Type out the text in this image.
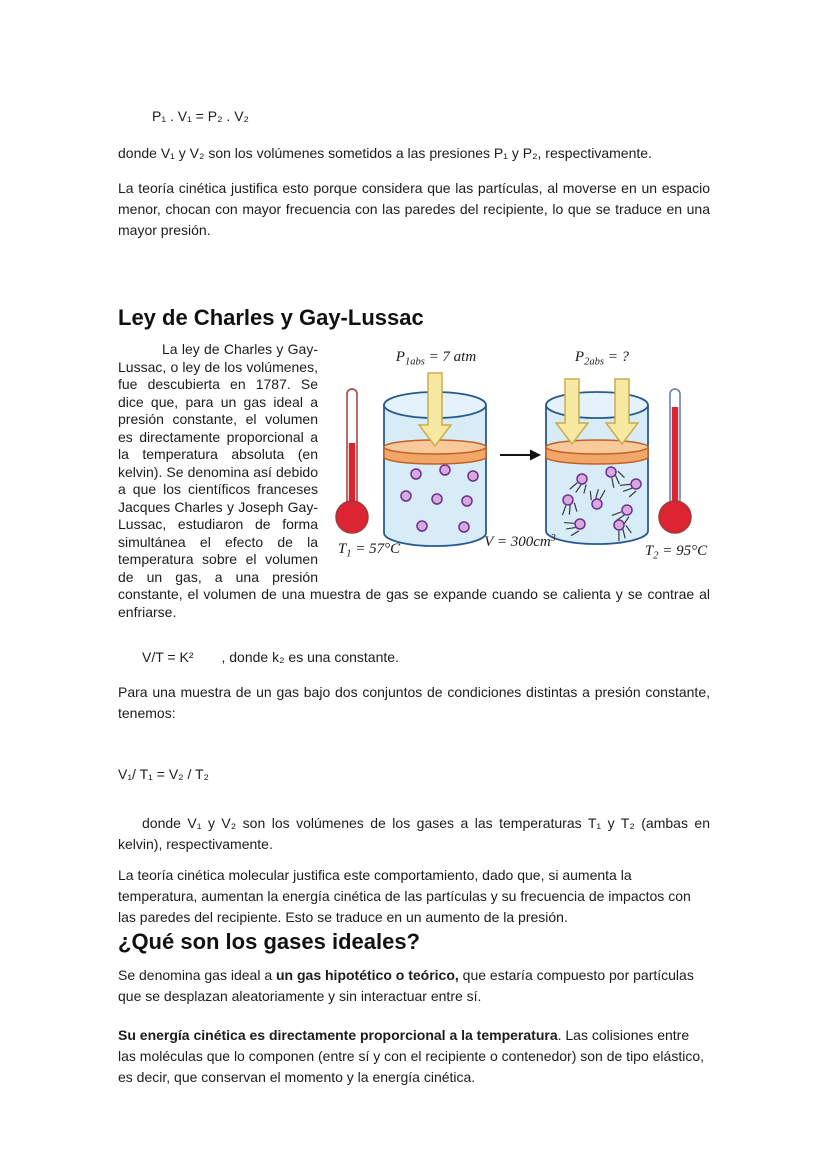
P₁ . V₁ = P₂ . V₂

donde V₁ y V₂ son los volúmenes sometidos a las presiones P₁ y P₂, respectivamente.

La teoría cinética justifica esto porque considera que las partículas, al moverse en un espacio menor, chocan con mayor frecuencia con las paredes del recipiente, lo que se traduce en una mayor presión.

Ley de Charles y Gay-Lussac
$P_{1abs} = 7$ atm	$P_{2abs}$ = ?
$T_1 = 57^\circ C$	$V = 300cm^3$
$T_2 = 95^\circ C$

La ley de Charles y Gay-Lussac, o ley de los volúmenes, fue descubierta en 1787. Se dice que, para un gas ideal a presión constante, el volumen es directamente proporcional a la temperatura absoluta (en kelvin). Se denomina así debido a que los científicos franceses Jacques Charles y Joseph Gay-Lussac, estudiaron de forma simultánea el efecto de la temperatura sobre el volumen de un gas, a una presión constante, el volumen de una muestra de gas se expande cuando se calienta y se contrae al enfriarse.

V/T = K² , donde k₂ es una constante.

Para una muestra de un gas bajo dos conjuntos de condiciones distintas a presión constante, tenemos:

V₁/ T₁ = V₂ / T₂

donde V₁ y V₂ son los volúmenes de los gases a las temperaturas T₁ y T₂ (ambas en kelvin), respectivamente.

La teoría cinética molecular justifica este comportamiento, dado que, si aumenta la temperatura, aumentan la energía cinética de las partículas y su frecuencia de impactos con las paredes del recipiente. Esto se traduce en un aumento de la presión.

¿Qué son los gases ideales?

Se denomina gas ideal a un gas hipotético o teórico, que estaría compuesto por partículas que se desplazan aleatoriamente y sin interactuar entre sí.

Su energía cinética es directamente proporcional a la temperatura. Las colisiones entre las moléculas que lo componen (entre sí y con el recipiente o contenedor) son de tipo elástico, es decir, que conservan el momento y la energía cinética.
